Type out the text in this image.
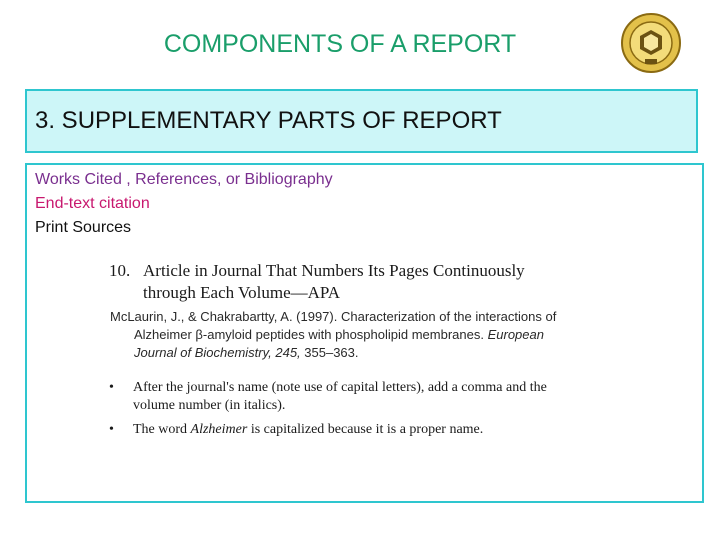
COMPONENTS OF A REPORT
3. SUPPLEMENTARY PARTS OF REPORT
Works Cited , References, or Bibliography
End-text citation
Print Sources
10. Article in Journal That Numbers Its Pages Continuously
through Each Volume—APA
McLaurin, J., & Chakrabartty, A. (1997). Characterization of the interactions of
Alzheimer β-amyloid peptides with phospholipid membranes. European
Journal of Biochemistry, 245, 355–363.
•	After the journal's name (note use of capital letters), add a comma and the
volume number (in italics).
•	The word Alzheimer is capitalized because it is a proper name.
